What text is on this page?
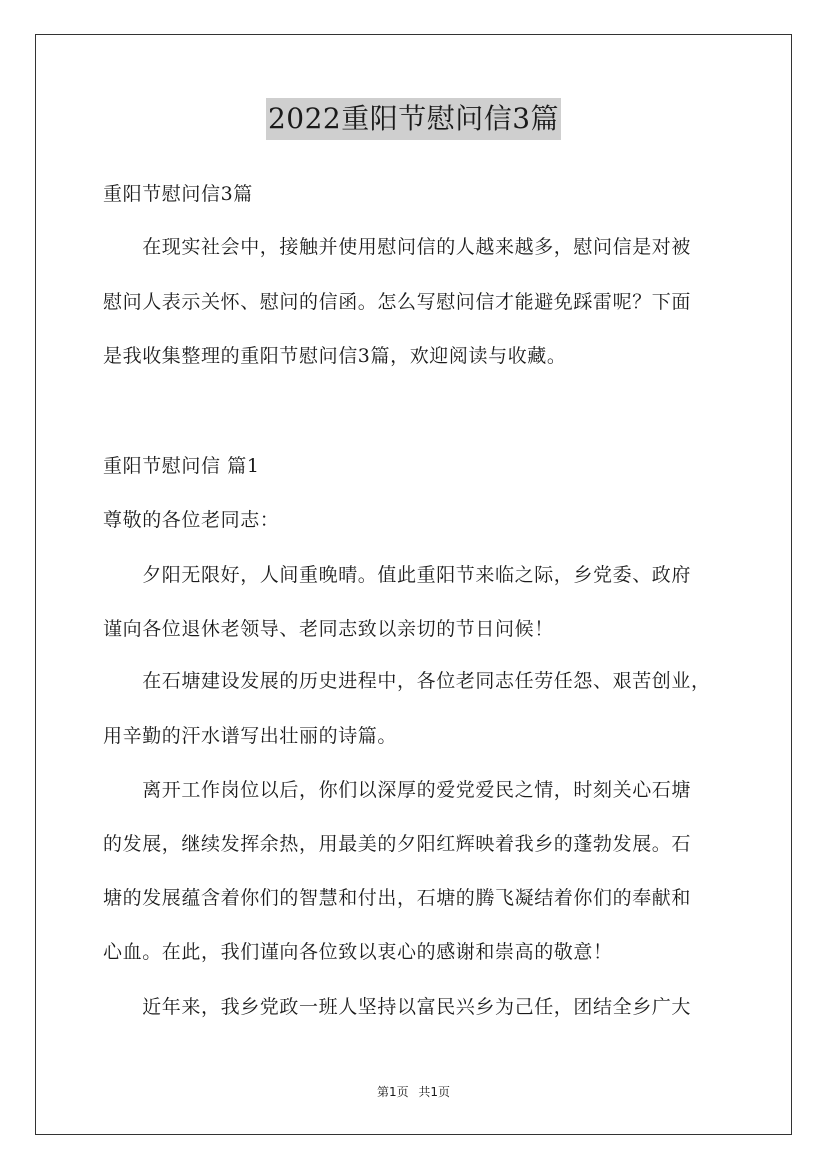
2022重阳节慰问信3篇
重阳节慰问信3篇
　　在现实社会中，接触并使用慰问信的人越来越多，慰问信是对被
慰问人表示关怀、慰问的信函。怎么写慰问信才能避免踩雷呢？下面
是我收集整理的重阳节慰问信3篇，欢迎阅读与收藏。
重阳节慰问信 篇1
尊敬的各位老同志：
　　夕阳无限好，人间重晚晴。值此重阳节来临之际，乡党委、政府
谨向各位退休老领导、老同志致以亲切的节日问候！
　　在石塘建设发展的历史进程中，各位老同志任劳任怨、艰苦创业，
用辛勤的汗水谱写出壮丽的诗篇。
　　离开工作岗位以后，你们以深厚的爱党爱民之情，时刻关心石塘
的发展，继续发挥余热，用最美的夕阳红辉映着我乡的蓬勃发展。石
塘的发展蕴含着你们的智慧和付出，石塘的腾飞凝结着你们的奉献和
心血。在此，我们谨向各位致以衷心的感谢和崇高的敬意！
　　近年来，我乡党政一班人坚持以富民兴乡为己任，团结全乡广大
第1页 共1页
